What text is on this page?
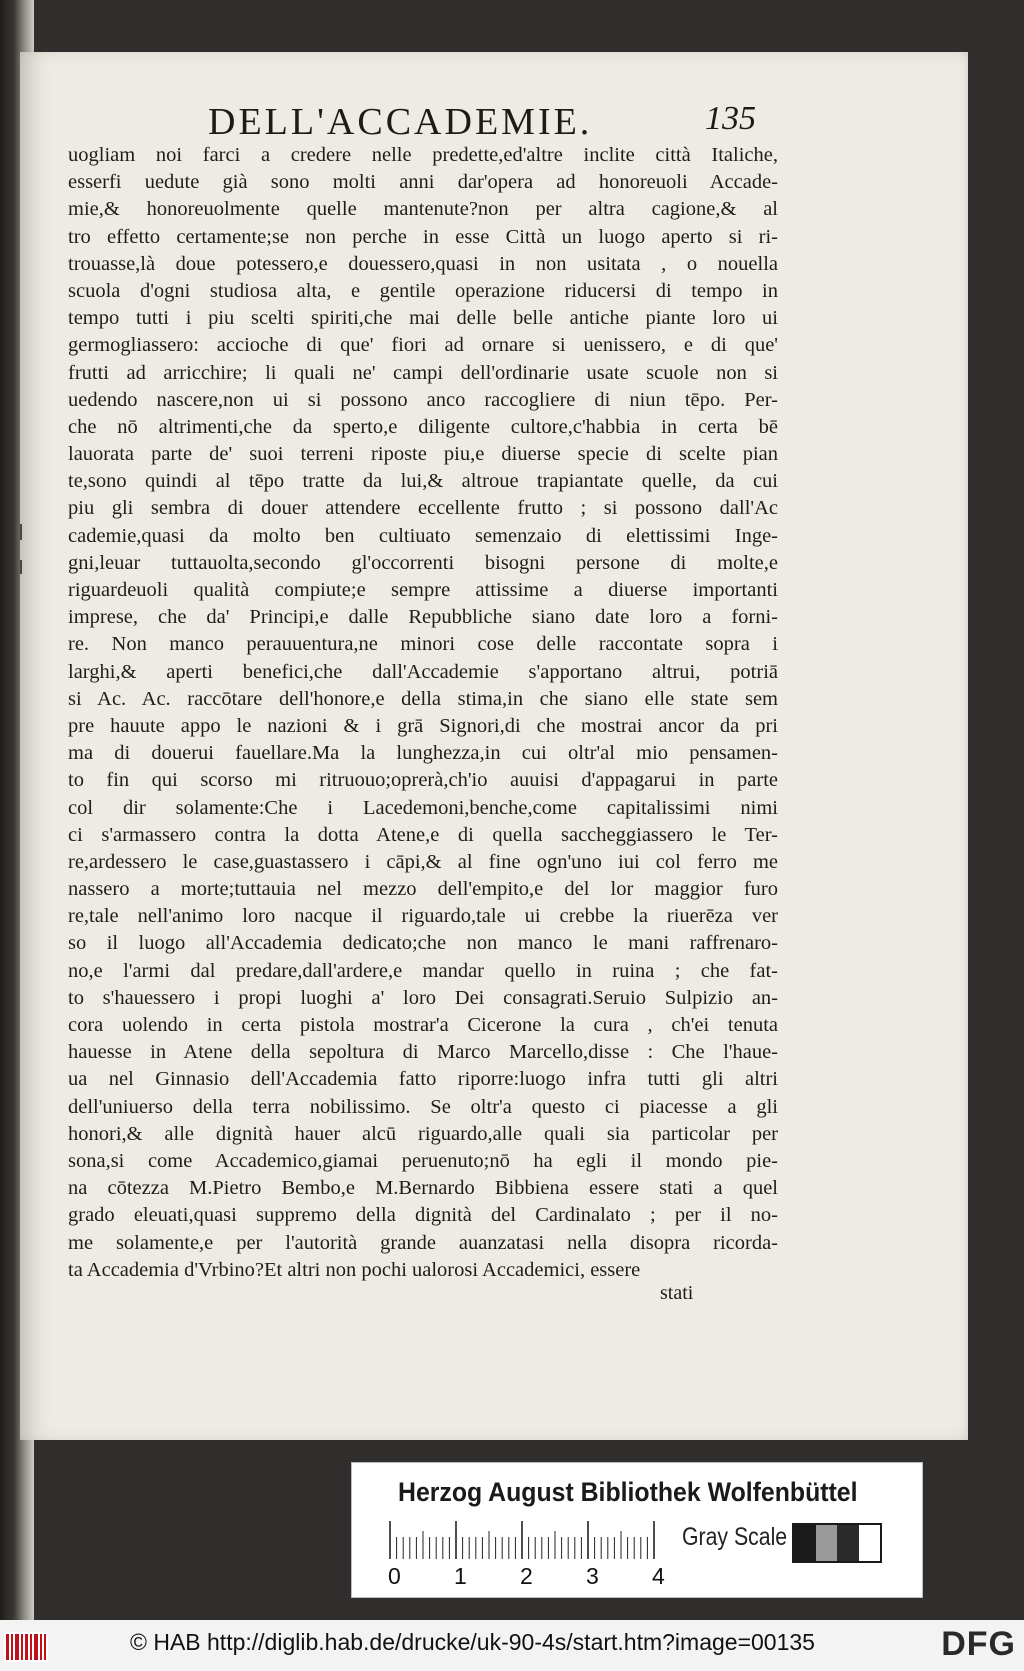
DELL'ACCADEMIE.	135
uogliam noi farci a credere nelle predette,ed'altre inclite città Italiche,
esserfi uedute già sono molti anni dar'opera ad honoreuoli Accade-
mie,& honoreuolmente quelle mantenute?non per altra cagione,& al
tro effetto certamente;se non perche in esse Città un luogo aperto si ri-
trouasse,là doue potessero,e douessero,quasi in non usitata , o nouella
scuola d'ogni studiosa alta, e gentile operazione riducersi di tempo in
tempo tutti i piu scelti spiriti,che mai delle belle antiche piante loro ui
germogliassero: accioche di que' fiori ad ornare si uenissero, e di que'
frutti ad arricchire; li quali ne' campi dell'ordinarie usate scuole non si
uedendo nascere,non ui si possono anco raccogliere di niun tēpo. Per-
che nō altrimenti,che da sperto,e diligente cultore,c'habbia in certa bē
lauorata parte de' suoi terreni riposte piu,e diuerse specie di scelte pian
te,sono quindi al tēpo tratte da lui,& altroue trapiantate quelle, da cui
piu gli sembra di douer attendere eccellente frutto ; si possono dall'Ac
cademie,quasi da molto ben cultiuato semenzaio di elettissimi Inge-
gni,leuar tuttauolta,secondo gl'occorrenti bisogni persone di molte,e
riguardeuoli qualità compiute;e sempre attissime a diuerse importanti
imprese, che da' Principi,e dalle Repubbliche siano date loro a forni-
re. Non manco perauuentura,ne minori cose delle raccontate sopra i
larghi,& aperti benefici,che dall'Accademie s'apportano altrui, potriā
si Ac. Ac. raccōtare dell'honore,e della stima,in che siano elle state sem
pre hauute appo le nazioni & i grā Signori,di che mostrai ancor da pri
ma di douerui fauellare.Ma la lunghezza,in cui oltr'al mio pensamen-
to fin qui scorso mi ritruouo;oprerà,ch'io auuisi d'appagarui in parte
col dir solamente:Che i Lacedemoni,benche,come capitalissimi nimi
ci s'armassero contra la dotta Atene,e di quella saccheggiassero le Ter-
re,ardessero le case,guastassero i cāpi,& al fine ogn'uno iui col ferro me
nassero a morte;tuttauia nel mezzo dell'empito,e del lor maggior furo
re,tale nell'animo loro nacque il riguardo,tale ui crebbe la riuerēza ver
so il luogo all'Accademia dedicato;che non manco le mani raffrenaro-
no,e l'armi dal predare,dall'ardere,e mandar quello in ruina ; che fat-
to s'hauessero i propi luoghi a' loro Dei consagrati.Seruio Sulpizio an-
cora uolendo in certa pistola mostrar'a Cicerone la cura , ch'ei tenuta
hauesse in Atene della sepoltura di Marco Marcello,disse : Che l'haue-
ua nel Ginnasio dell'Accademia fatto riporre:luogo infra tutti gli altri
dell'uniuerso della terra nobilissimo. Se oltr'a questo ci piacesse a gli
honori,& alle dignità hauer alcū riguardo,alle quali sia particolar per
sona,si come Accademico,giamai peruenuto;nō ha egli il mondo pie-
na cōtezza M.Pietro Bembo,e M.Bernardo Bibbiena essere stati a quel
grado eleuati,quasi suppremo della dignità del Cardinalato ; per il no-
me solamente,e per l'autorità grande auanzatasi nella disopra ricorda-
ta Accademia d'Vrbino?Et altri non pochi ualorosi Accademici, essere
stati
Herzog August Bibliothek Wolfenbüttel
Gray Scale
0 1 2 3 4
© HAB http://diglib.hab.de/drucke/uk-90-4s/start.htm?image=00135	DFG
